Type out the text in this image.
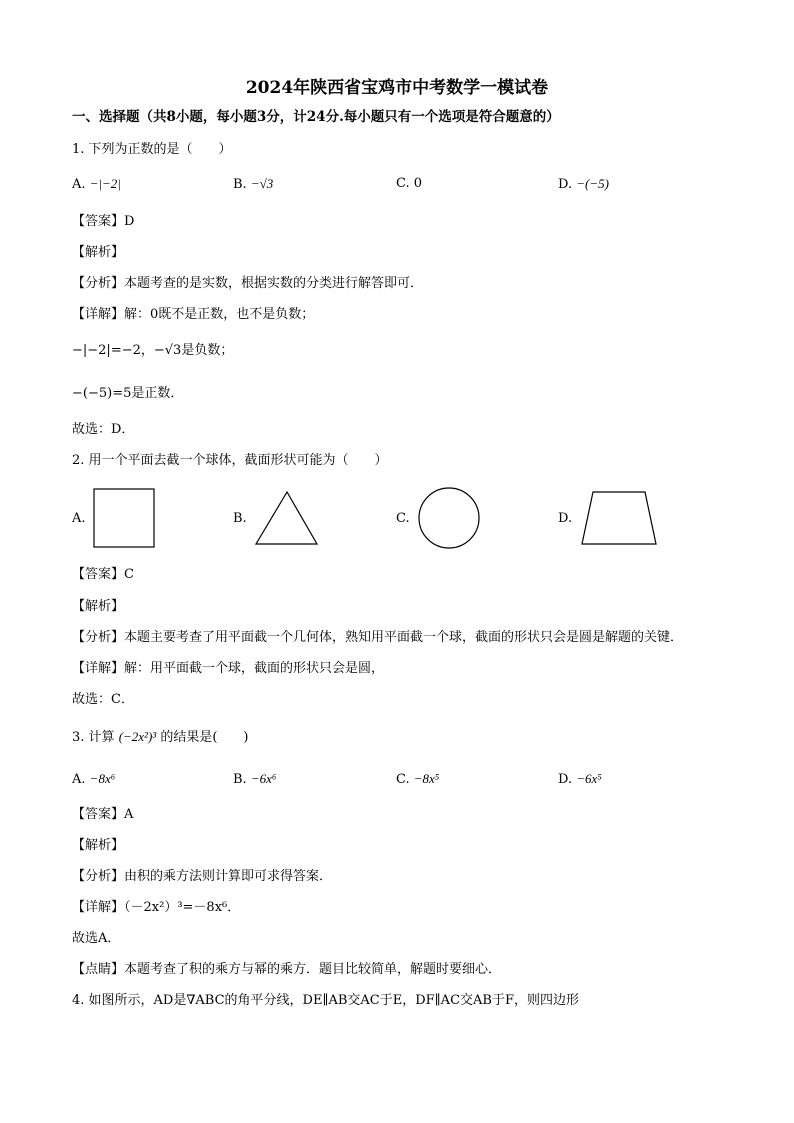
2024年陕西省宝鸡市中考数学一模试卷
一、选择题（共8小题，每小题3分，计24分.每小题只有一个选项是符合题意的）
1. 下列为正数的是（　　）
A. −|−2|	B. −√3	C. 0	D. −(−5)
【答案】D
【解析】
【分析】本题考查的是实数，根据实数的分类进行解答即可．
【详解】解：0既不是正数，也不是负数；
−|−2|=−2，−√3是负数；
−(−5)=5是正数．
故选：D．
2. 用一个平面去截一个球体，截面形状可能为（　　）
A.	B.	C.	D.
【答案】C
【解析】
【分析】本题主要考查了用平面截一个几何体，熟知用平面截一个球，截面的形状只会是圆是解题的关键．
【详解】解：用平面截一个球，截面的形状只会是圆，
故选：C．
3. 计算 (−2x²)³ 的结果是(　　)
A. −8x⁶	B. −6x⁶	C. −8x⁵	D. −6x⁵
【答案】A
【解析】
【分析】由积的乘方法则计算即可求得答案．
【详解】（－2x²）³=－8x⁶．
故选A．
【点睛】本题考查了积的乘方与幂的乘方．题目比较简单，解题时要细心．
4. 如图所示，AD是∇ABC的角平分线，DE∥AB交AC于E，DF∥AC交AB于F，则四边形
